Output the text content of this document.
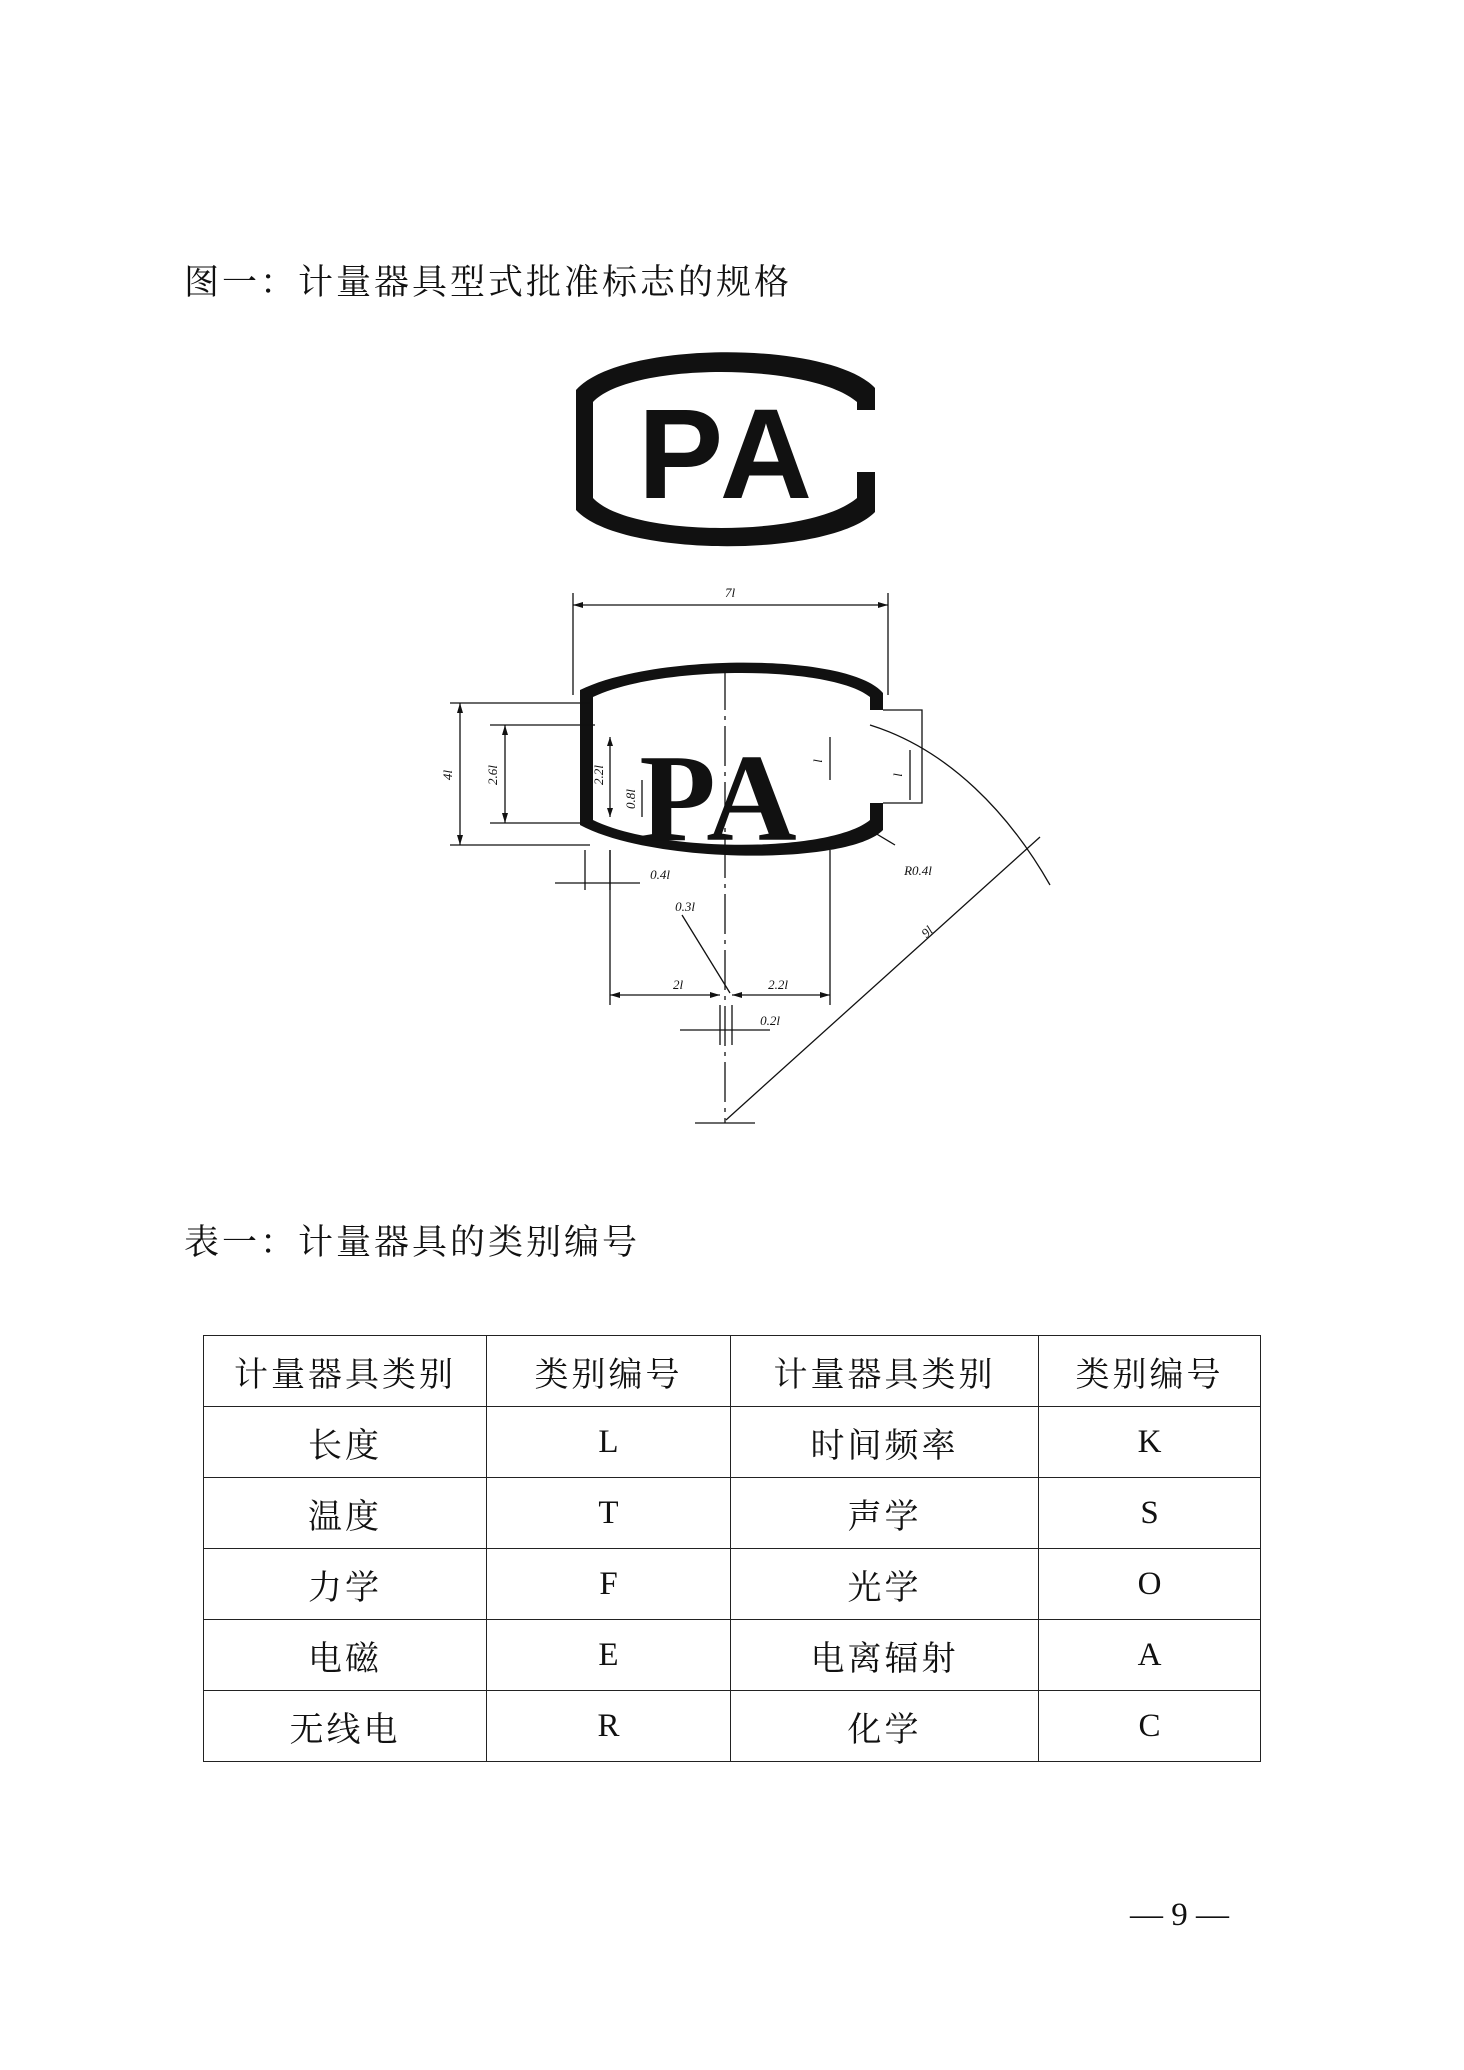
图一：计量器具型式批准标志的规格
PA
PA
7l
4l 2.6l	2.2l
0.8l
l
l
R0.4l
9l
0.4l
0.3l
2l	2.2l
0.2l
表一：计量器具的类别编号
计量器具类别	类别编号	计量器具类别	类别编号
长度	L	时间频率	K
温度	T	声学	S
力学	F	光学	O
电磁	E	电离辐射	A
无线电	R	化学	C
— 9 —
